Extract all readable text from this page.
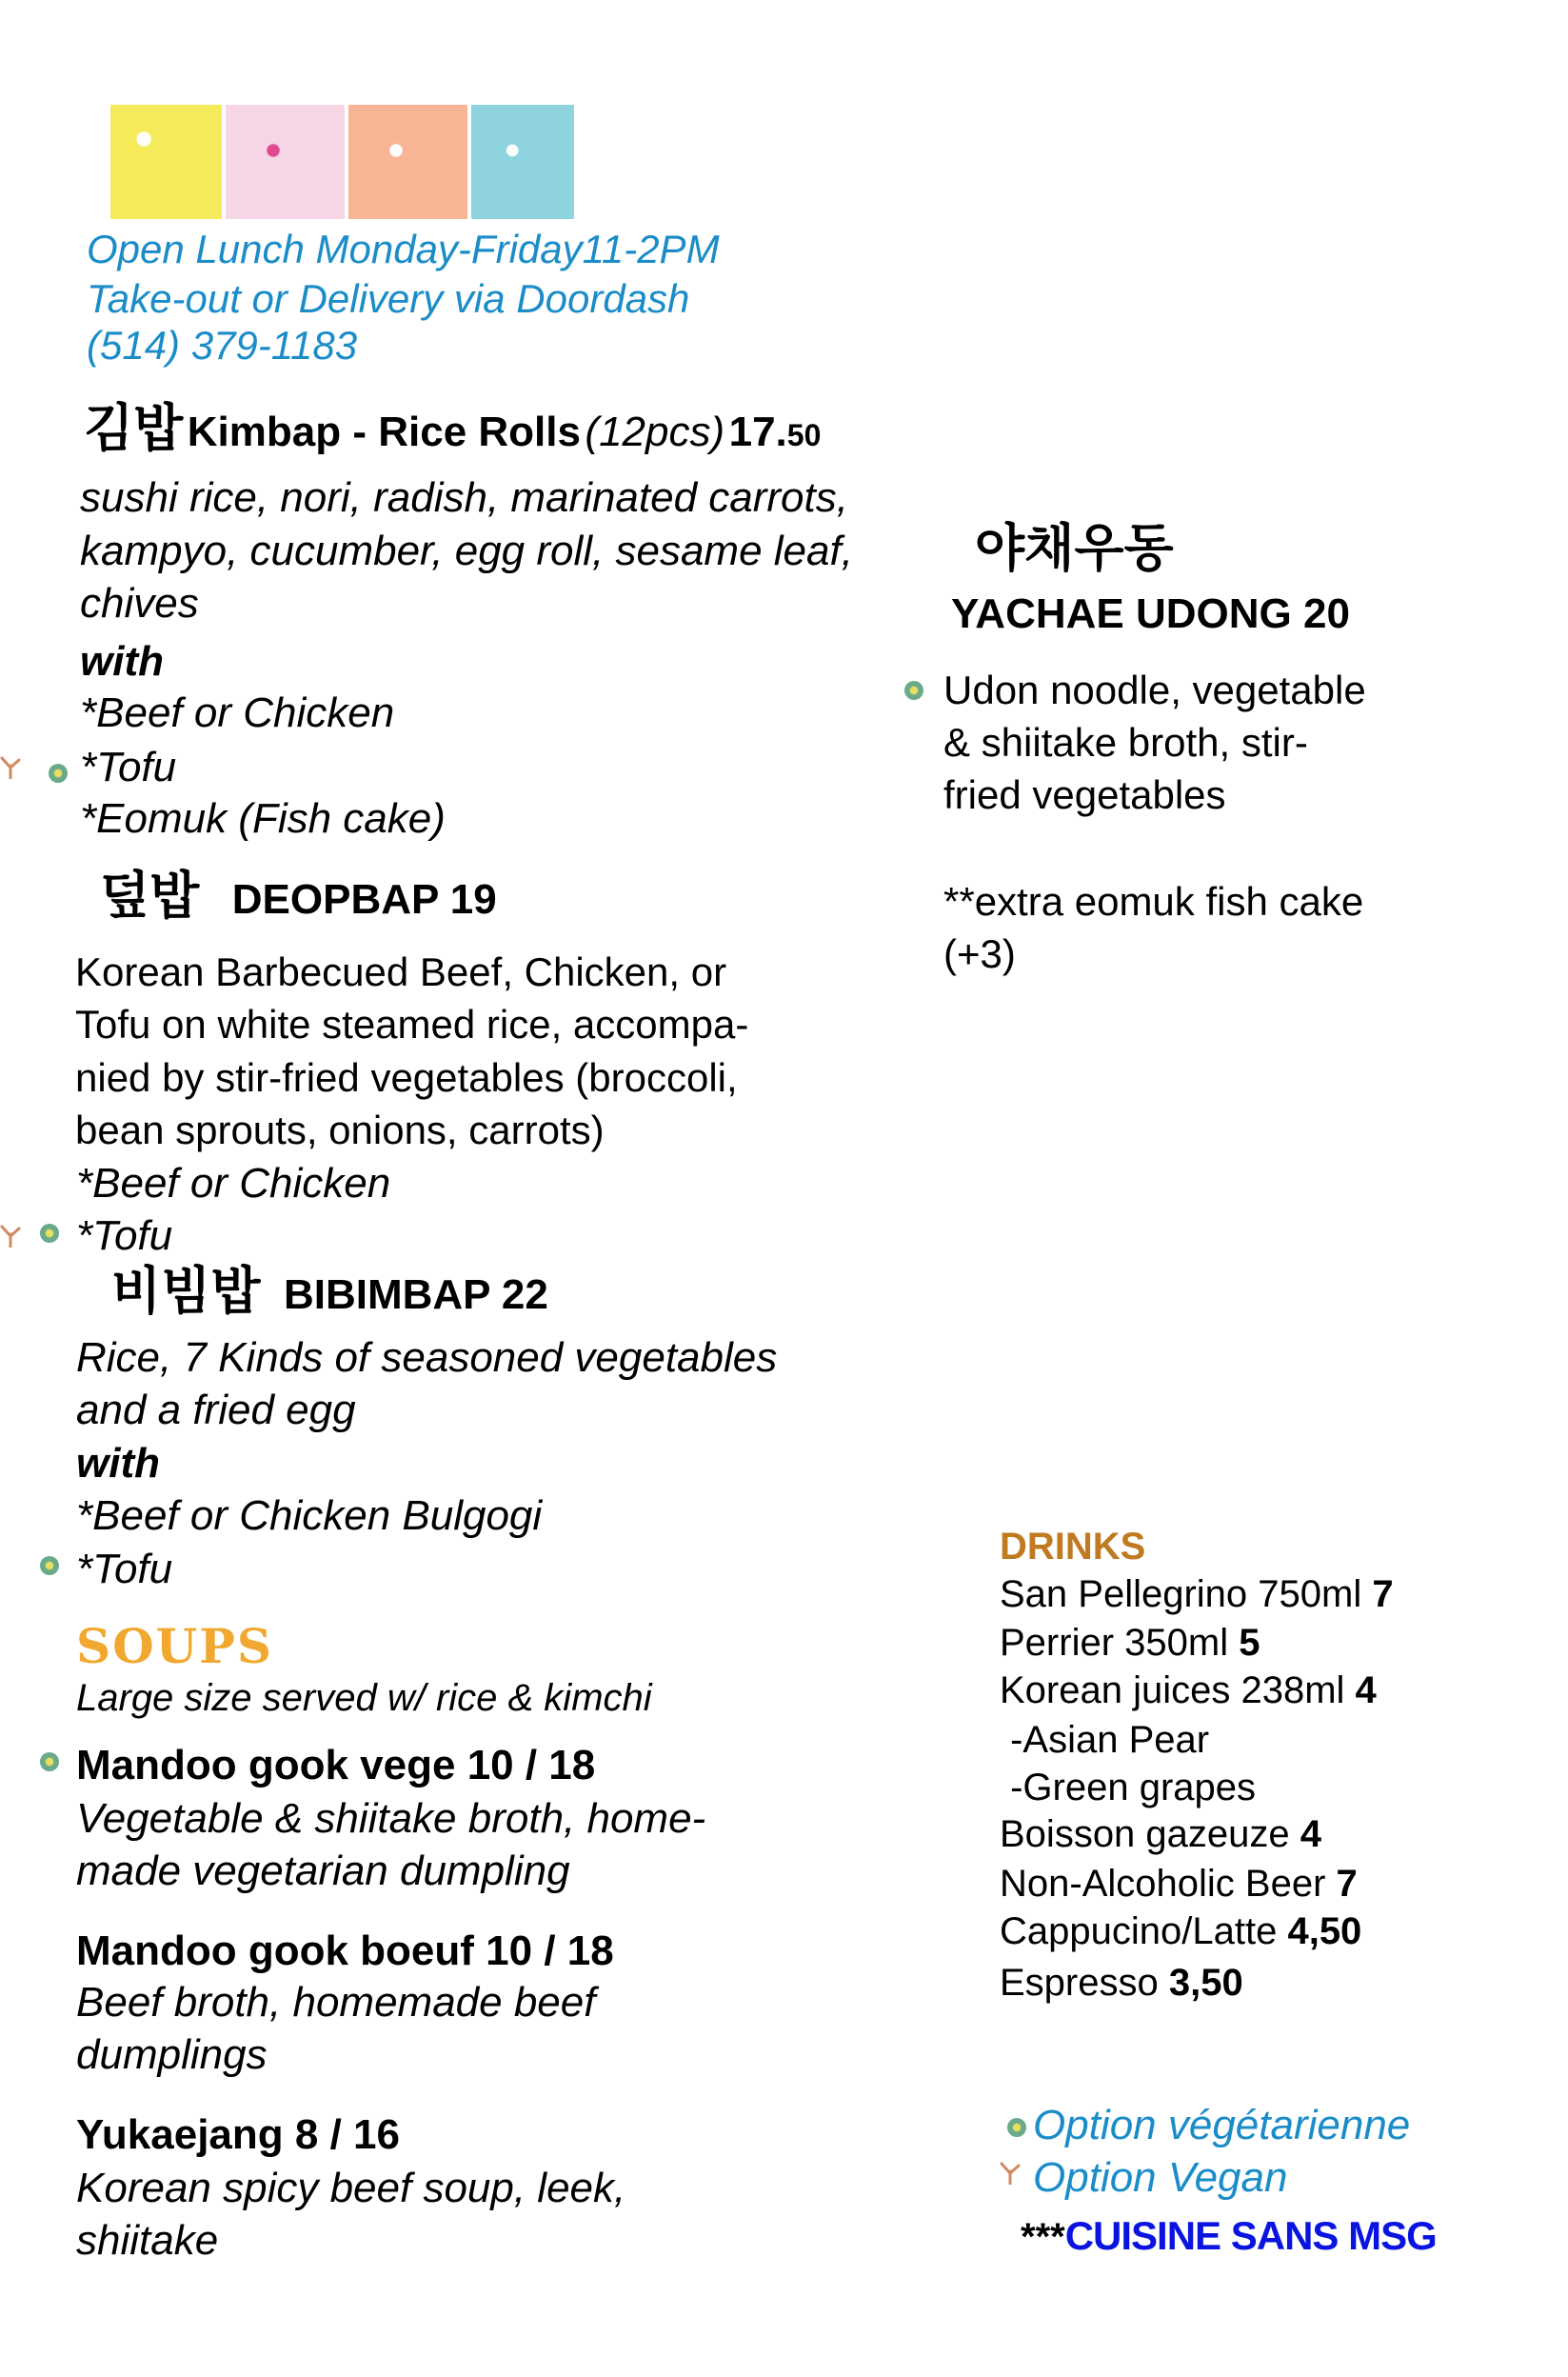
Open Lunch Monday-Friday11-2PM
Take-out or Delivery via Doordash
(514) 379-1183
김밥 Kimbap - Rice Rolls (12pcs) 17.50
sushi rice, nori, radish, marinated carrots,
kampyo, cucumber, egg roll, sesame leaf,
chives
with
*Beef or Chicken
*Tofu
*Eomuk (Fish cake)
덮밥 DEOPBAP 19
Korean Barbecued Beef, Chicken, or
Tofu on white steamed rice, accompa-
nied by stir-fried vegetables (broccoli,
bean sprouts, onions, carrots)
*Beef or Chicken
*Tofu
비빔밥 BIBIMBAP 22
Rice, 7 Kinds of seasoned vegetables
and a fried egg
with
*Beef or Chicken Bulgogi
*Tofu
SOUPS
Large size served w/ rice & kimchi
Mandoo gook vege 10 / 18
Vegetable & shiitake broth, home-
made vegetarian dumpling
Mandoo gook boeuf 10 / 18
Beef broth, homemade beef
dumplings
Yukaejang 8 / 16
Korean spicy beef soup, leek,
shiitake
야채우동
YACHAE UDONG 20
Udon noodle, vegetable
& shiitake broth, stir-
fried vegetables
**extra eomuk fish cake
(+3)
DRINKS
San Pellegrino 750ml 7
Perrier 350ml 5
Korean juices 238ml 4
-Asian Pear
-Green grapes
Boisson gazeuze 4
Non-Alcoholic Beer 7
Cappucino/Latte 4,50
Espresso 3,50
Option végétarienne
Option Vegan
***CUISINE SANS MSG
